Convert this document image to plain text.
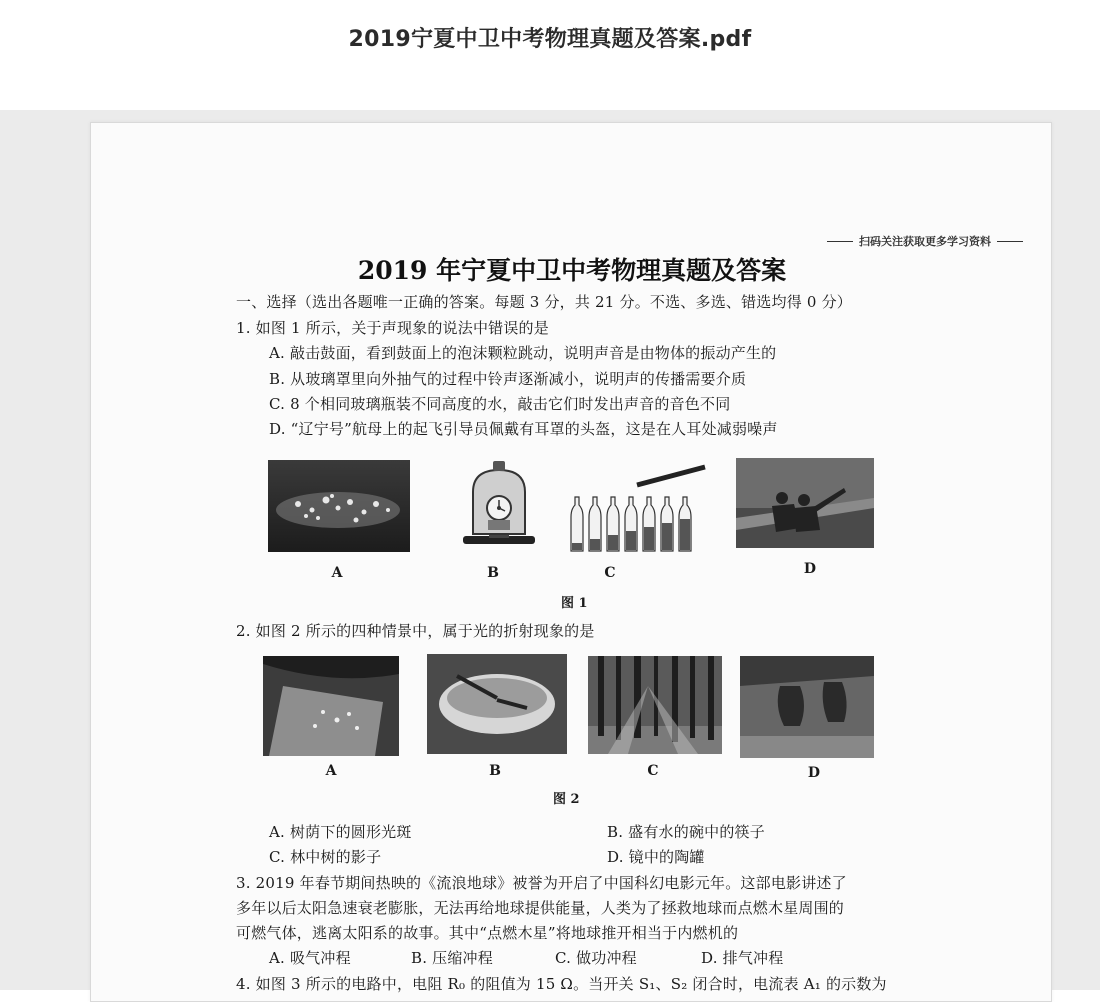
2019宁夏中卫中考物理真题及答案.pdf
扫码关注获取更多学习资料
2019 年宁夏中卫中考物理真题及答案
一、选择（选出各题唯一正确的答案。每题 3 分，共 21 分。不选、多选、错选均得 0 分）
1. 如图 1 所示，关于声现象的说法中错误的是
A. 敲击鼓面，看到鼓面上的泡沫颗粒跳动，说明声音是由物体的振动产生的
B. 从玻璃罩里向外抽气的过程中铃声逐渐减小，说明声的传播需要介质
C. 8 个相同玻璃瓶装不同高度的水，敲击它们时发出声音的音色不同
D. “辽宁号”航母上的起飞引导员佩戴有耳罩的头盔，这是在人耳处减弱噪声
A	B	C	D
图 1
2. 如图 2 所示的四种情景中，属于光的折射现象的是
A	B	C	D
图 2
A. 树荫下的圆形光斑	B. 盛有水的碗中的筷子
C. 林中树的影子	D. 镜中的陶罐
3. 2019 年春节期间热映的《流浪地球》被誉为开启了中国科幻电影元年。这部电影讲述了
多年以后太阳急速衰老膨胀，无法再给地球提供能量，人类为了拯救地球而点燃木星周围的
可燃气体，逃离太阳系的故事。其中“点燃木星”将地球推开相当于内燃机的
A. 吸气冲程	B. 压缩冲程	C. 做功冲程	D. 排气冲程
4. 如图 3 所示的电路中，电阻 R₀ 的阻值为 15 Ω。当开关 S₁、S₂ 闭合时，电流表 A₁ 的示数为
